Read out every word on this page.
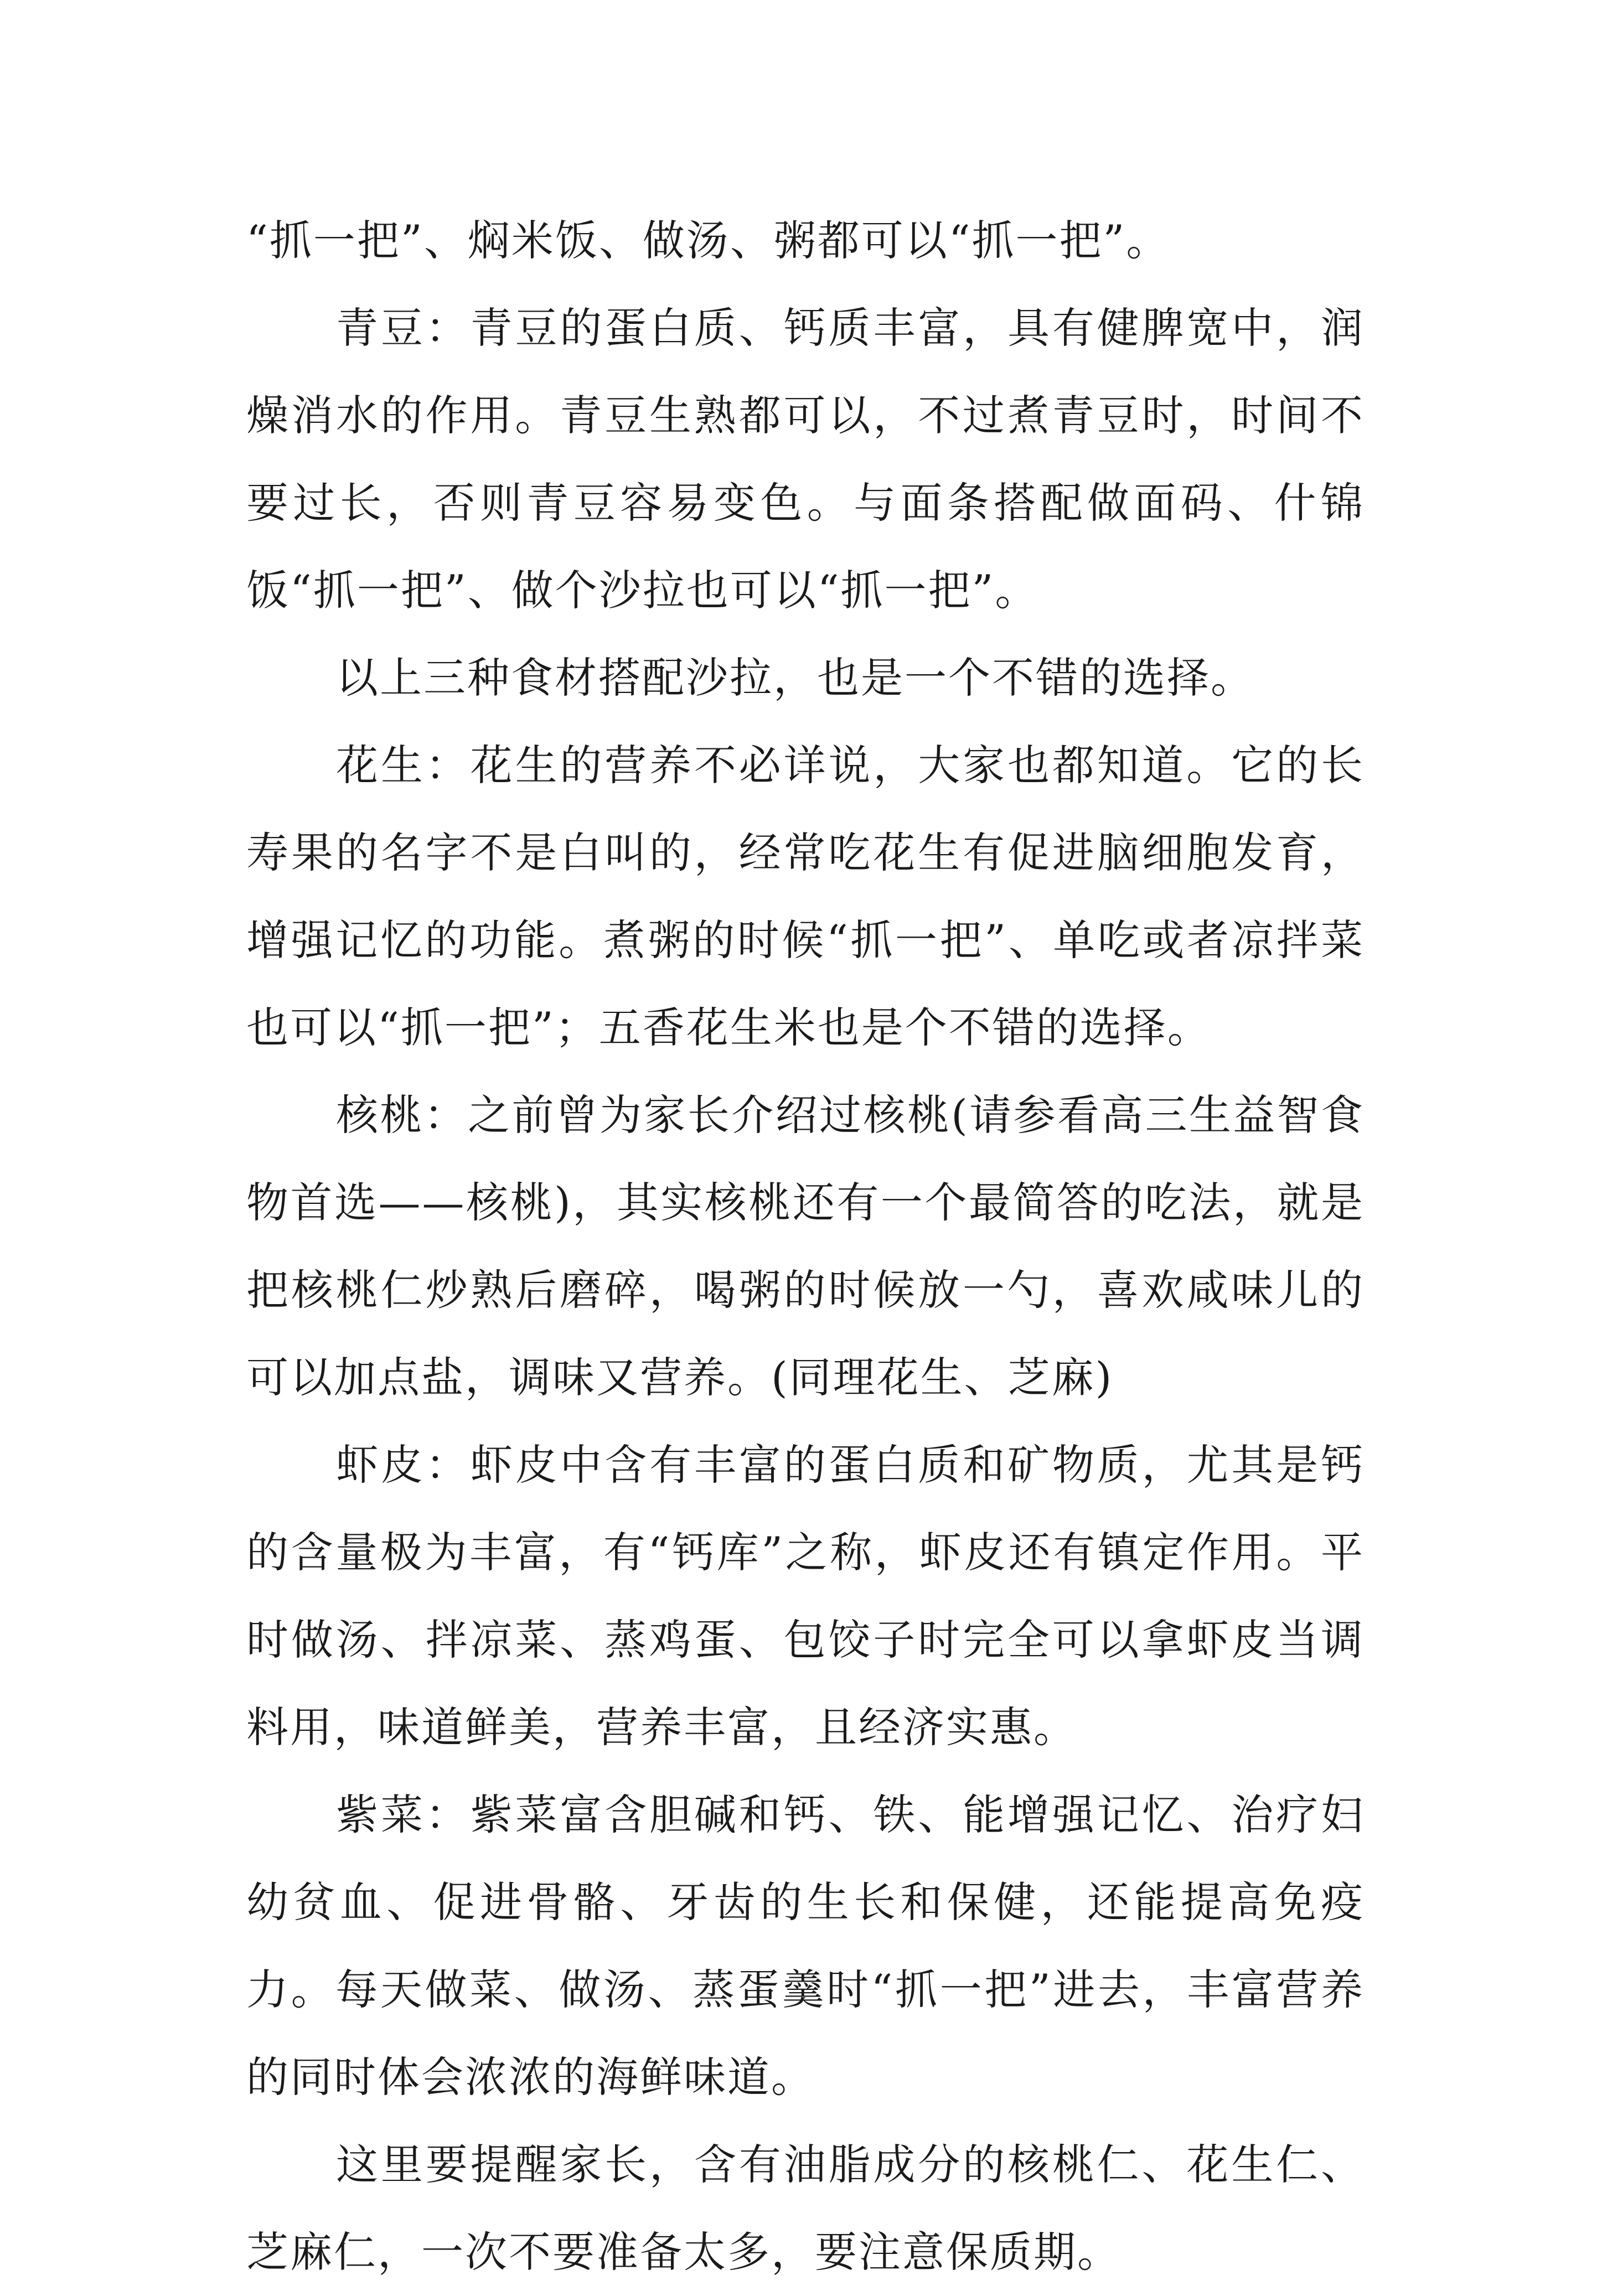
“抓一把”、焖米饭、做汤、粥都可以“抓一把”。

青豆：青豆的蛋白质、钙质丰富，具有健脾宽中，润燥消水的作用。青豆生熟都可以，不过煮青豆时，时间不要过长，否则青豆容易变色。与面条搭配做面码、什锦饭“抓一把”、做个沙拉也可以“抓一把”。

以上三种食材搭配沙拉，也是一个不错的选择。

花生：花生的营养不必详说，大家也都知道。它的长寿果的名字不是白叫的，经常吃花生有促进脑细胞发育，增强记忆的功能。煮粥的时候“抓一把”、单吃或者凉拌菜也可以“抓一把”；五香花生米也是个不错的选择。

核桃：之前曾为家长介绍过核桃(请参看高三生益智食物首选——核桃)，其实核桃还有一个最简答的吃法，就是把核桃仁炒熟后磨碎，喝粥的时候放一勺，喜欢咸味儿的可以加点盐，调味又营养。(同理花生、芝麻)

虾皮：虾皮中含有丰富的蛋白质和矿物质，尤其是钙的含量极为丰富，有“钙库”之称，虾皮还有镇定作用。平时做汤、拌凉菜、蒸鸡蛋、包饺子时完全可以拿虾皮当调料用，味道鲜美，营养丰富，且经济实惠。

紫菜：紫菜富含胆碱和钙、铁、能增强记忆、治疗妇幼贫血、促进骨骼、牙齿的生长和保健，还能提高免疫力。每天做菜、做汤、蒸蛋羹时“抓一把”进去，丰富营养的同时体会浓浓的海鲜味道。

这里要提醒家长，含有油脂成分的核桃仁、花生仁、芝麻仁，一次不要准备太多，要注意保质期。
